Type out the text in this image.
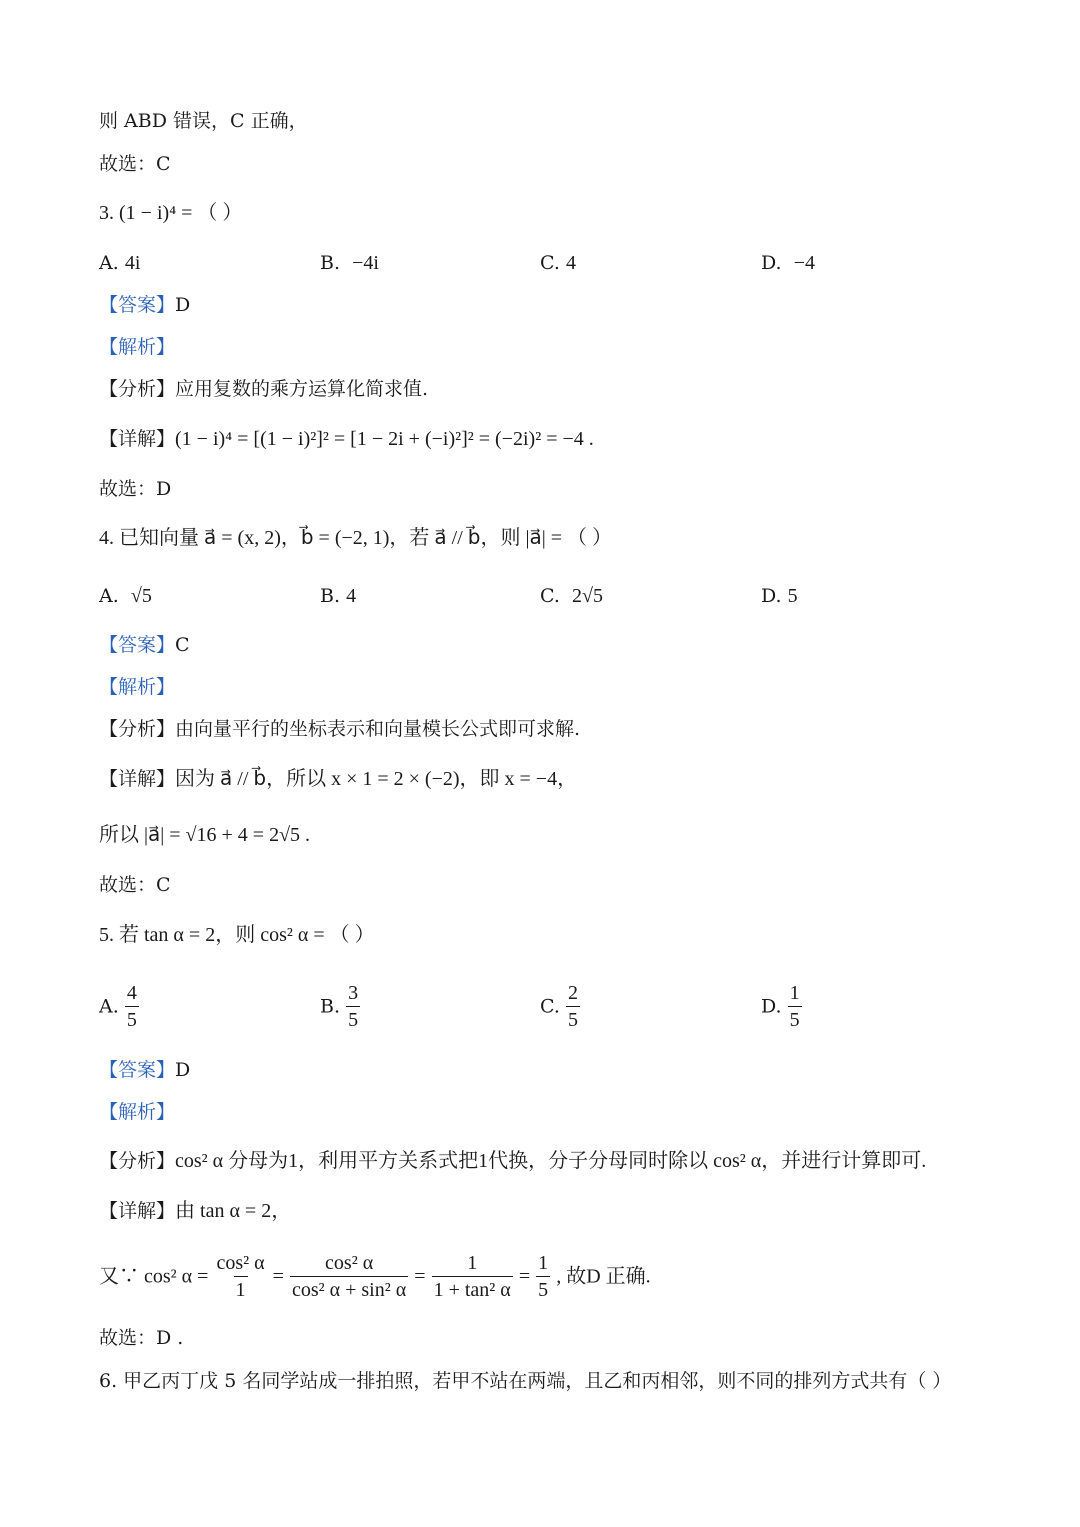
则 ABD 错误，C 正确，
故选：C
3. (1 − i)⁴ = （ ）
A. 4i	B. −4i	C. 4	D. −4
【答案】D
【解析】
【分析】应用复数的乘方运算化简求值.
【详解】(1 − i)⁴ = [(1 − i)²]² = [1 − 2i + (−i)²]² = (−2i)² = −4 .
故选：D
4. 已知向量 a⃗ = (x, 2)，b⃗ = (−2, 1)，若 a⃗ // b⃗，则 |a⃗| = （ ）
A. √5	B. 4	C. 2√5	D. 5
【答案】C
【解析】
【分析】由向量平行的坐标表示和向量模长公式即可求解.
【详解】因为 a⃗ // b⃗，所以 x × 1 = 2 × (−2)，即 x = −4，
所以 |a⃗| = √16 + 4 = 2√5 .
故选：C
5. 若 tan α = 2，则 cos² α = （ ）
A. $\frac{4}{5}$	B. $\frac{3}{5}$	C. $\frac{2}{5}$	D. $\frac{1}{5}$
【答案】D
【解析】
【分析】cos² α 分母为1，利用平方关系式把1代换，分子分母同时除以 cos² α，并进行计算即可.
【详解】由 tan α = 2，
又∵ cos² $\alpha = \frac{\text{cos² α}}{1} = \frac{\text{cos² α}}{\text{cos² α + sin² α}} = \frac{1}{\text{1 + tan² α}} = \frac{1}{5}$ , 故D 正确.
故选：D .
6. 甲乙丙丁戊 5 名同学站成一排拍照，若甲不站在两端，且乙和丙相邻，则不同的排列方式共有（ ）
